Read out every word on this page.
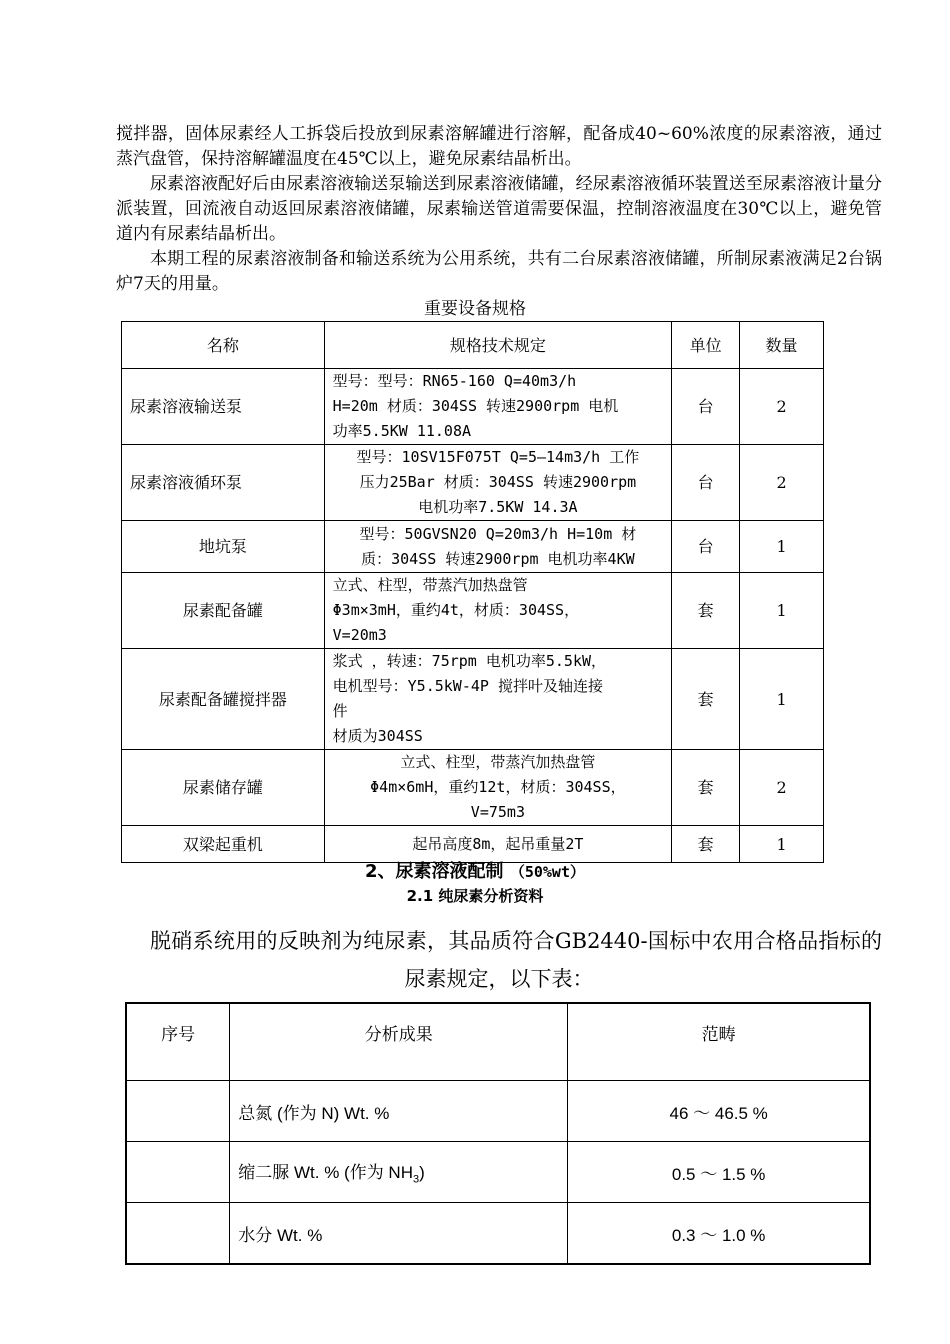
搅拌器，固体尿素经人工拆袋后投放到尿素溶解罐进行溶解，配备成40~60%浓度的尿素溶液，通过蒸汽盘管，保持溶解罐温度在45℃以上，避免尿素结晶析出。

尿素溶液配好后由尿素溶液输送泵输送到尿素溶液储罐，经尿素溶液循环装置送至尿素溶液计量分派装置，回流液自动返回尿素溶液储罐，尿素输送管道需要保温，控制溶液温度在30℃以上，避免管道内有尿素结晶析出。

本期工程的尿素溶液制备和输送系统为公用系统，共有二台尿素溶液储罐，所制尿素液满足2台锅炉7天的用量。

重要设备规格
名称	规格技术规定	单位	数量
尿素溶液输送泵	型号：型号：RN65-160 Q=40m3/h
H=20m 材质：304SS 转速2900rpm 电机
功率5.5KW 11.08A	台	2
尿素溶液循环泵	型号：10SV15F075T Q=5—14m3/h 工作
压力25Bar 材质：304SS 转速2900rpm
电机功率7.5KW 14.3A	台	2
地坑泵	型号：50GVSN20 Q=20m3/h H=10m 材
质：304SS 转速2900rpm 电机功率4KW	台	1
尿素配备罐	立式、柱型，带蒸汽加热盘管
Φ3m×3mH，重约4t，材质：304SS，
V=20m3	套	1
尿素配备罐搅拌器	浆式 ，转速：75rpm 电机功率5.5kW，
电机型号：Y5.5kW-4P 搅拌叶及轴连接
件
材质为304SS	套	1
尿素储存罐	立式、柱型，带蒸汽加热盘管
Φ4m×6mH，重约12t，材质：304SS，
V=75m3	套	2
双梁起重机	起吊高度8m，起吊重量2T	套	1
2、尿素溶液配制 （50%wt）
2.1 纯尿素分析资料
脱硝系统用的反映剂为纯尿素，其品质符合GB2440-国标中农用合格品指标的尿素规定，以下表：
序号	分析成果	范畴
	总氮 (作为 N) Wt. %	46 ～ 46.5 %
	缩二脲 Wt. % (作为 $NH_3$)	0.5 ～ 1.5 %
	水分 Wt. %	0.3 ～ 1.0 %
